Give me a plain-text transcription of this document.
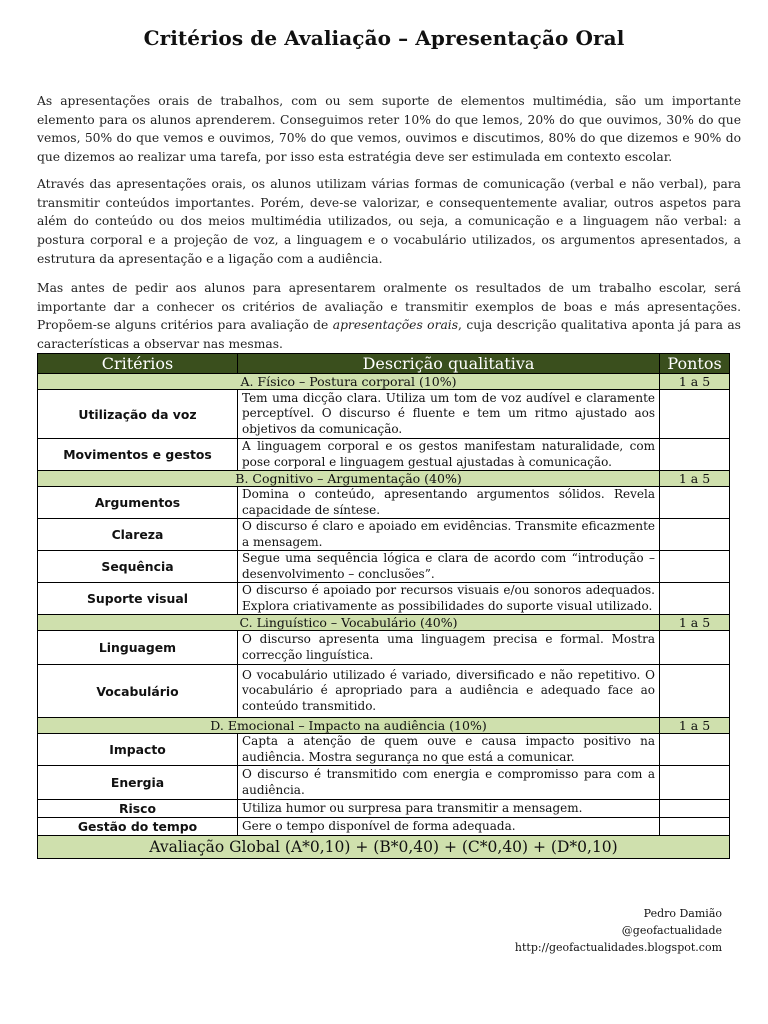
Critérios de Avaliação – Apresentação Oral

As apresentações orais de trabalhos, com ou sem suporte de elementos multimédia, são um importante elemento para os alunos aprenderem. Conseguimos reter 10% do que lemos, 20% do que ouvimos, 30% do que vemos, 50% do que vemos e ouvimos, 70% do que vemos, ouvimos e discutimos, 80% do que dizemos e 90% do que dizemos ao realizar uma tarefa, por isso esta estratégia deve ser estimulada em contexto escolar.

Através das apresentações orais, os alunos utilizam várias formas de comunicação (verbal e não verbal), para transmitir conteúdos importantes. Porém, deve-se valorizar, e consequentemente avaliar, outros aspetos para além do conteúdo ou dos meios multimédia utilizados, ou seja, a comunicação e a linguagem não verbal: a postura corporal e a projeção de voz, a linguagem e o vocabulário utilizados, os argumentos apresentados, a estrutura da apresentação e a ligação com a audiência.

Mas antes de pedir aos alunos para apresentarem oralmente os resultados de um trabalho escolar, será importante dar a conhecer os critérios de avaliação e transmitir exemplos de boas e más apresentações. Propõem-se alguns critérios para avaliação de apresentações orais, cuja descrição qualitativa aponta já para as características a observar nas mesmas.

Critérios	Descrição qualitativa	Pontos
A. Físico – Postura corporal (10%)		1 a 5
Utilização da voz	Tem uma dicção clara. Utiliza um tom de voz audível e claramente perceptível. O discurso é fluente e tem um ritmo ajustado aos objetivos da comunicação.	
Movimentos e gestos	A linguagem corporal e os gestos manifestam naturalidade, com pose corporal e linguagem gestual ajustadas à comunicação.	
B. Cognitivo – Argumentação (40%)		1 a 5
Argumentos	Domina o conteúdo, apresentando argumentos sólidos. Revela capacidade de síntese.	
Clareza	O discurso é claro e apoiado em evidências. Transmite eficazmente a mensagem.	
Sequência	Segue uma sequência lógica e clara de acordo com “introdução – desenvolvimento – conclusões”.	
Suporte visual	O discurso é apoiado por recursos visuais e/ou sonoros adequados. Explora criativamente as possibilidades do suporte visual utilizado.	
C. Linguístico – Vocabulário (40%)		1 a 5
Linguagem	O discurso apresenta uma linguagem precisa e formal. Mostra correcção linguística.	
Vocabulário	O vocabulário utilizado é variado, diversificado e não repetitivo. O vocabulário é apropriado para a audiência e adequado face ao conteúdo transmitido.	
D. Emocional – Impacto na audiência (10%)		1 a 5
Impacto	Capta a atenção de quem ouve e causa impacto positivo na audiência. Mostra segurança no que está a comunicar.	
Energia	O discurso é transmitido com energia e compromisso para com a audiência.	
Risco	Utiliza humor ou surpresa para transmitir a mensagem.	
Gestão do tempo	Gere o tempo disponível de forma adequada.	
Avaliação Global (A*0,10) + (B*0,40) + (C*0,40) + (D*0,10)		
Pedro Damião
@geofactualidade
http://geofactualidades.blogspot.com
